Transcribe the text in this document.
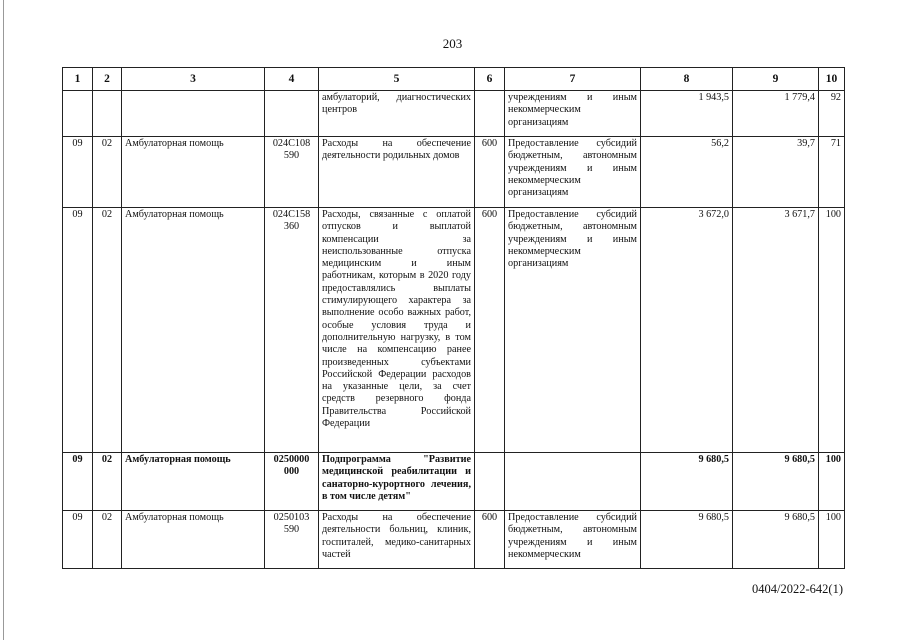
203
1	2	3	4	5	6	7	8	9	10
				амбулаторий, диагностических центров		учреждениям и иным некоммерческим организациям	1 943,5	1 779,4	92
09	02	Амбулаторная помощь	024С108 590	Расходы на обеспечение деятельности родильных домов	600	Предоставление субсидий бюджетным, автономным учреждениям и иным некоммерческим организациям	56,2	39,7	71
09	02	Амбулаторная помощь	024С158 360	Расходы, связанные с оплатой отпусков и выплатой компенсации за неиспользованные отпуска медицинским и иным работникам, которым в 2020 году предоставлялись выплаты стимулирующего характера за выполнение особо важных работ, особые условия труда и дополнительную нагрузку, в том числе на компенсацию ранее произведенных субъектами Российской Федерации расходов на указанные цели, за счет средств резервного фонда Правительства Российской Федерации	600	Предоставление субсидий бюджетным, автономным учреждениям и иным некоммерческим организациям	3 672,0	3 671,7	100
09	02	Амбулаторная помощь	0250000 000	Подпрограмма "Развитие медицинской реабилитации и санаторно-курортного лечения, в том числе детям"			9 680,5	9 680,5	100
09	02	Амбулаторная помощь	0250103 590	Расходы на обеспечение деятельности больниц, клиник, госпиталей, медико-санитарных частей	600	Предоставление субсидий бюджетным, автономным учреждениям и иным некоммерческим	9 680,5	9 680,5	100
0404/2022-642(1)
